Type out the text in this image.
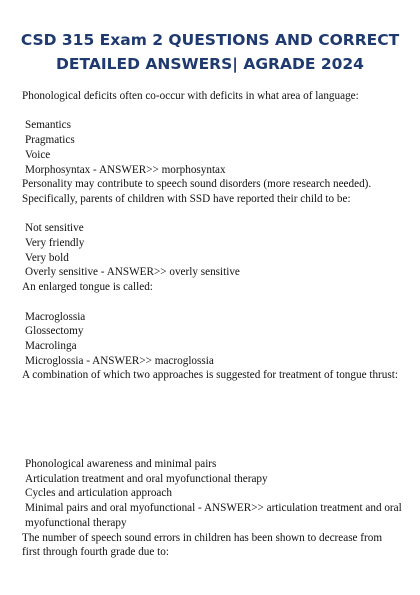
CSD 315 Exam 2 QUESTIONS AND CORRECT
DETAILED ANSWERS| AGRADE 2024
Phonological deficits often co-occur with deficits in what area of language:
Semantics
Pragmatics
Voice
Morphosyntax - ANSWER>> morphosyntax
Personality may contribute to speech sound disorders (more research needed).
Specifically, parents of children with SSD have reported their child to be:
Not sensitive
Very friendly
Very bold
Overly sensitive - ANSWER>> overly sensitive
An enlarged tongue is called:
Macroglossia
Glossectomy
Macrolinga
Microglossia - ANSWER>> macroglossia
A combination of which two approaches is suggested for treatment of tongue thrust:
Phonological awareness and minimal pairs
Articulation treatment and oral myofunctional therapy
Cycles and articulation approach
Minimal pairs and oral myofunctional - ANSWER>> articulation treatment and oral myofunctional therapy
The number of speech sound errors in children has been shown to decrease from
first through fourth grade due to:
